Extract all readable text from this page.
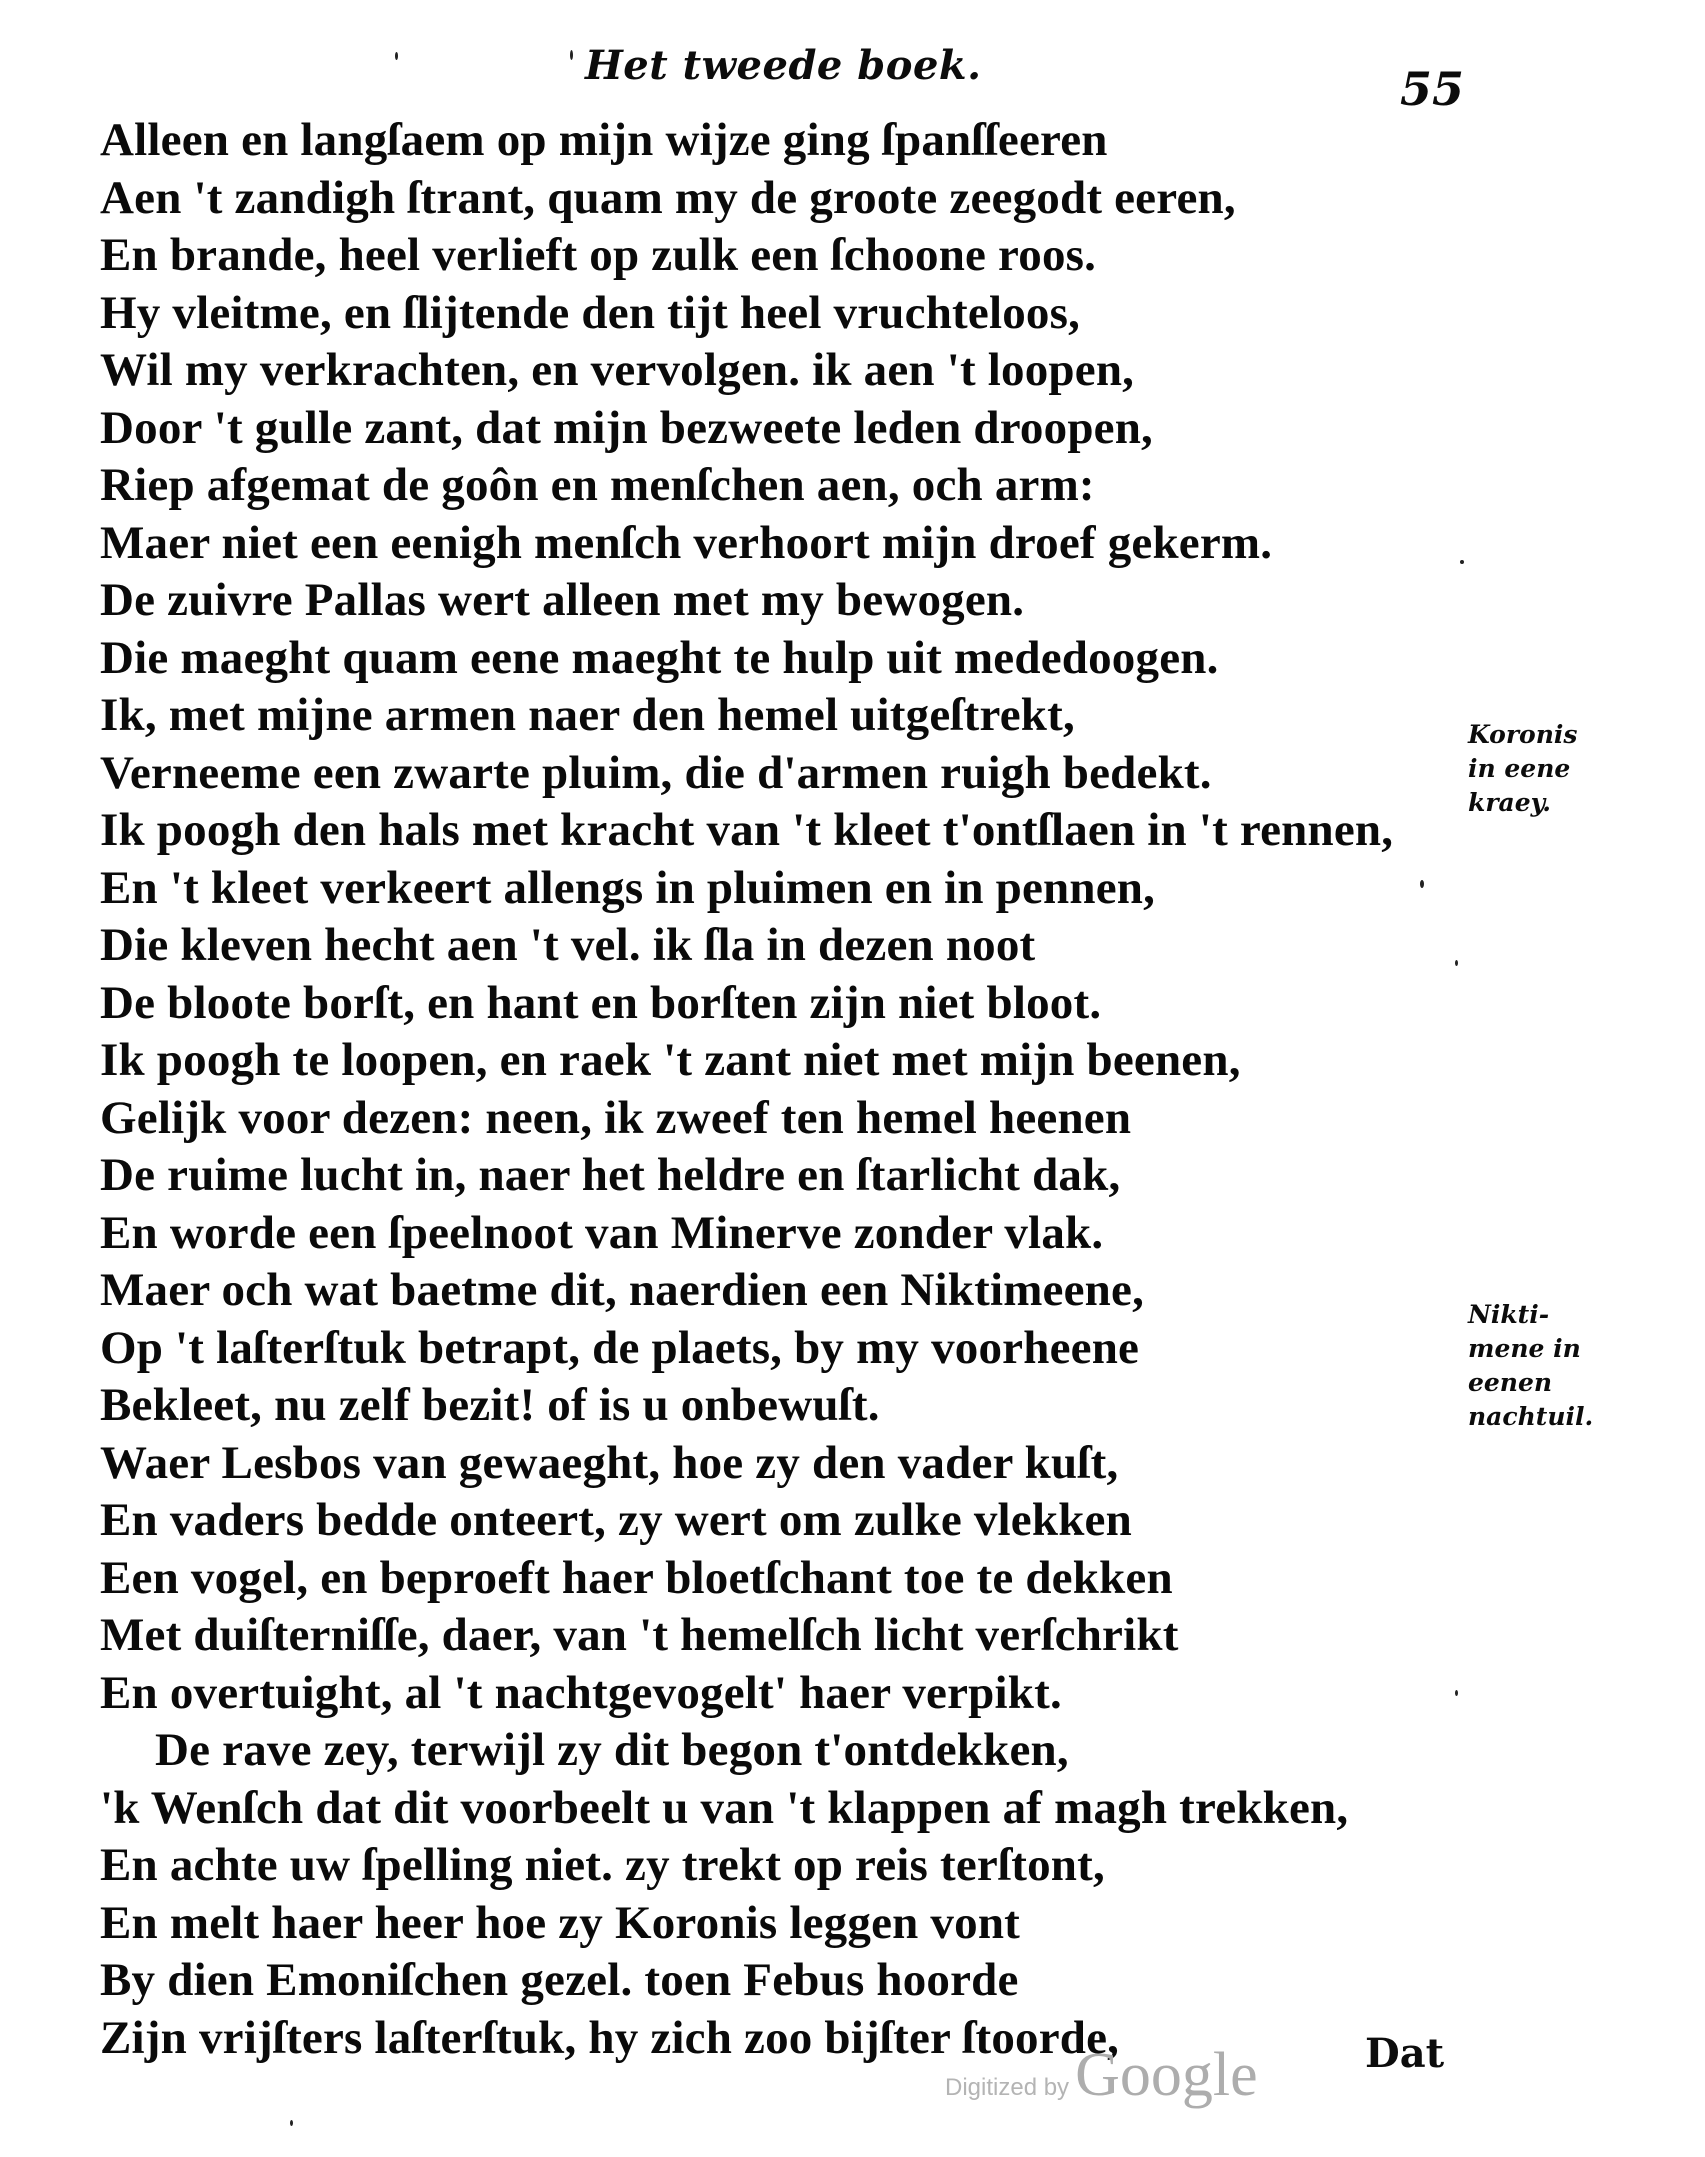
Het tweede boek.	55
Alleen en langſaem op mijn wijze ging ſpanſſeeren
Aen 't zandigh ſtrant, quam my de groote zeegodt eeren,
En brande, heel verlieft op zulk een ſchoone roos.
Hy vleitme, en ſlijtende den tijt heel vruchteloos,
Wil my verkrachten, en vervolgen. ik aen 't loopen,
Door 't gulle zant, dat mijn bezweete leden droopen,
Riep afgemat de goôn en menſchen aen, och arm:
Maer niet een eenigh menſch verhoort mijn droef gekerm.
De zuivre Pallas wert alleen met my bewogen.
Die maeght quam eene maeght te hulp uit mededoogen.
Ik, met mijne armen naer den hemel uitgeſtrekt,
Verneeme een zwarte pluim, die d'armen ruigh bedekt.
Ik poogh den hals met kracht van 't kleet t'ontſlaen in 't rennen,
En 't kleet verkeert allengs in pluimen en in pennen,
Die kleven hecht aen 't vel. ik ſla in dezen noot
De bloote borſt, en hant en borſten zijn niet bloot.
Ik poogh te loopen, en raek 't zant niet met mijn beenen,
Gelijk voor dezen: neen, ik zweef ten hemel heenen
De ruime lucht in, naer het heldre en ſtarlicht dak,
En worde een ſpeelnoot van Minerve zonder vlak.
Maer och wat baetme dit, naerdien een Niktimeene,
Op 't laſterſtuk betrapt, de plaets, by my voorheene
Bekleet, nu zelf bezit! of is u onbewuſt.
Waer Lesbos van gewaeght, hoe zy den vader kuſt,
En vaders bedde onteert, zy wert om zulke vlekken
Een vogel, en beproeft haer bloetſchant toe te dekken
Met duiſterniſſe, daer, van 't hemelſch licht verſchrikt
En overtuight, al 't nachtgevogelt' haer verpikt.
De rave zey, terwijl zy dit begon t'ontdekken,
'k Wenſch dat dit voorbeelt u van 't klappen af magh trekken,
En achte uw ſpelling niet. zy trekt op reis terſtont,
En melt haer heer hoe zy Koronis leggen vont
By dien Emoniſchen gezel. toen Febus hoorde
Zijn vrijſters laſterſtuk, hy zich zoo bijſter ſtoorde,
Koronis
in eene
kraey.
Nikti-
mene in
eenen
nachtuil.
Digitized by Google	Dat
